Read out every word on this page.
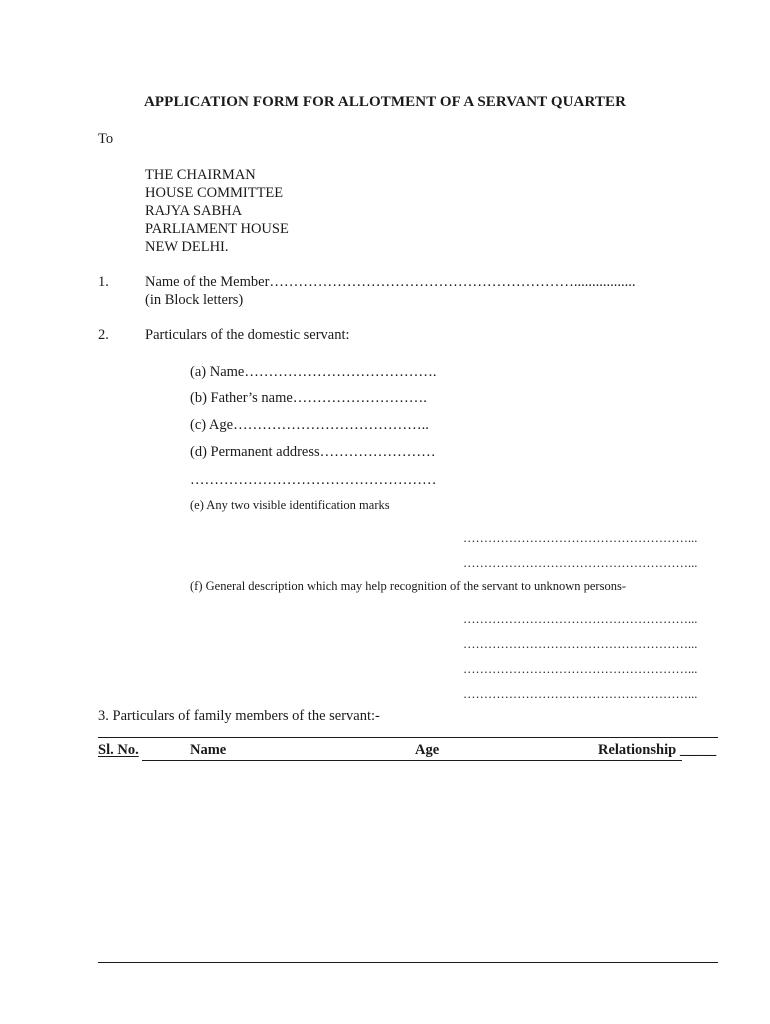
APPLICATION FORM FOR ALLOTMENT OF A SERVANT QUARTER
To
THE CHAIRMAN
HOUSE COMMITTEE
RAJYA SABHA
PARLIAMENT HOUSE
NEW DELHI.
1. Name of the Member……………………………………………………….................
(in Block letters)
2. Particulars of the domestic servant:
(a) Name………………………………….
(b) Father’s name……………………….
(c) Age…………………………………..
(d) Permanent address……………………
……………………………………………
(e) Any two visible identification marks
………………………………………………...
………………………………………………...
(f) General description which may help recognition of the servant to unknown persons-
………………………………………………...
………………………………………………...
………………………………………………...
………………………………………………...
3. Particulars of family members of the servant:-
Sl. No.	Name	Age	Relationship _____
